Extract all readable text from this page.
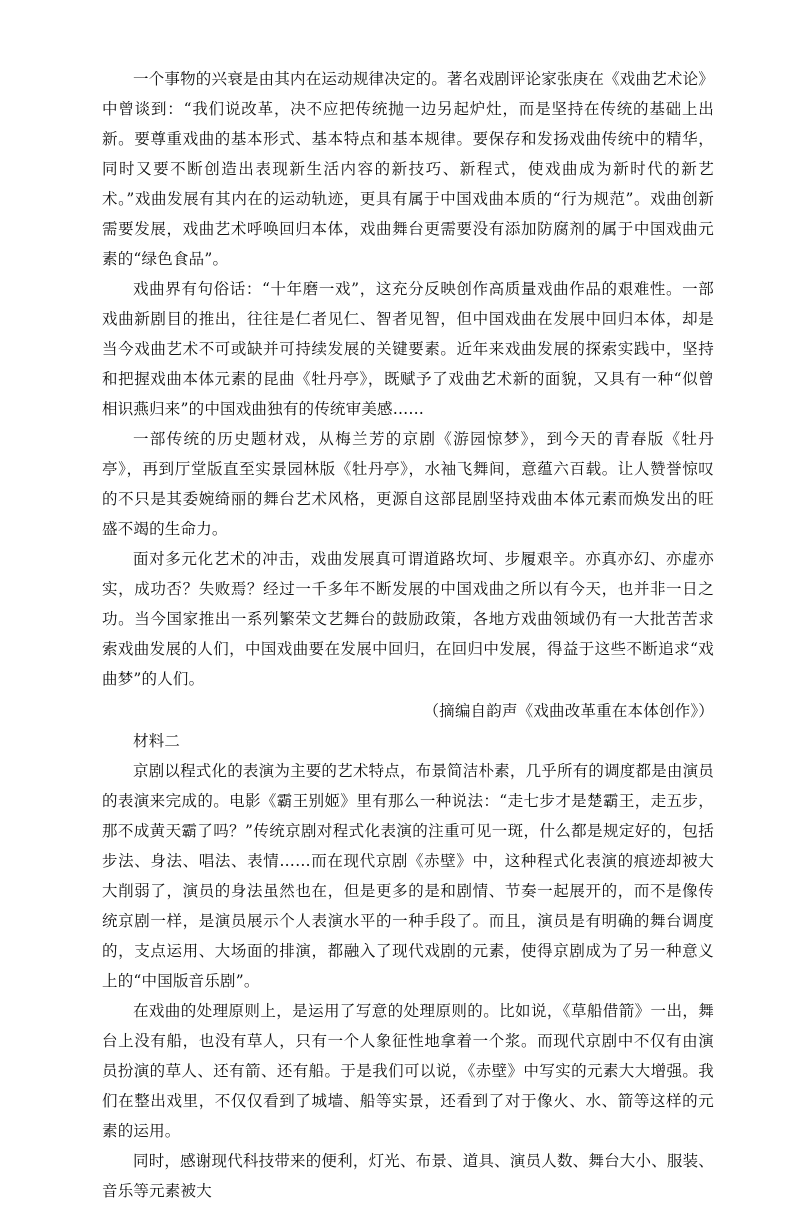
一个事物的兴衰是由其内在运动规律决定的。著名戏剧评论家张庚在《戏曲艺术论》中曾谈到：“我们说改革，决不应把传统抛一边另起炉灶，而是坚持在传统的基础上出新。要尊重戏曲的基本形式、基本特点和基本规律。要保存和发扬戏曲传统中的精华，同时又要不断创造出表现新生活内容的新技巧、新程式，使戏曲成为新时代的新艺术。”戏曲发展有其内在的运动轨迹，更具有属于中国戏曲本质的“行为规范”。戏曲创新需要发展，戏曲艺术呼唤回归本体，戏曲舞台更需要没有添加防腐剂的属于中国戏曲元素的“绿色食品”。

戏曲界有句俗话：“十年磨一戏”，这充分反映创作高质量戏曲作品的艰难性。一部戏曲新剧目的推出，往往是仁者见仁、智者见智，但中国戏曲在发展中回归本体，却是当今戏曲艺术不可或缺并可持续发展的关键要素。近年来戏曲发展的探索实践中，坚持和把握戏曲本体元素的昆曲《牡丹亭》，既赋予了戏曲艺术新的面貌，又具有一种“似曾相识燕归来”的中国戏曲独有的传统审美感……

一部传统的历史题材戏，从梅兰芳的京剧《游园惊梦》，到今天的青春版《牡丹亭》，再到厅堂版直至实景园林版《牡丹亭》，水袖飞舞间，意蕴六百载。让人赞誉惊叹的不只是其委婉绮丽的舞台艺术风格，更源自这部昆剧坚持戏曲本体元素而焕发出的旺盛不竭的生命力。

面对多元化艺术的冲击，戏曲发展真可谓道路坎坷、步履艰辛。亦真亦幻、亦虚亦实，成功否？失败焉？经过一千多年不断发展的中国戏曲之所以有今天，也并非一日之功。当今国家推出一系列繁荣文艺舞台的鼓励政策，各地方戏曲领域仍有一大批苦苦求索戏曲发展的人们，中国戏曲要在发展中回归，在回归中发展，得益于这些不断追求“戏曲梦”的人们。

（摘编自韵声《戏曲改革重在本体创作》）

材料二

京剧以程式化的表演为主要的艺术特点，布景简洁朴素，几乎所有的调度都是由演员的表演来完成的。电影《霸王别姬》里有那么一种说法：“走七步才是楚霸王，走五步，那不成黄天霸了吗？”传统京剧对程式化表演的注重可见一斑，什么都是规定好的，包括步法、身法、唱法、表情……而在现代京剧《赤壁》中，这种程式化表演的痕迹却被大大削弱了，演员的身法虽然也在，但是更多的是和剧情、节奏一起展开的，而不是像传统京剧一样，是演员展示个人表演水平的一种手段了。而且，演员是有明确的舞台调度的，支点运用、大场面的排演，都融入了现代戏剧的元素，使得京剧成为了另一种意义上的“中国版音乐剧”。

在戏曲的处理原则上，是运用了写意的处理原则的。比如说，《草船借箭》一出，舞台上没有船，也没有草人，只有一个人象征性地拿着一个浆。而现代京剧中不仅有由演员扮演的草人、还有箭、还有船。于是我们可以说，《赤壁》中写实的元素大大增强。我们在整出戏里，不仅仅看到了城墙、船等实景，还看到了对于像火、水、箭等这样的元素的运用。

同时，感谢现代科技带来的便利，灯光、布景、道具、演员人数、舞台大小、服装、音乐等元素被大
